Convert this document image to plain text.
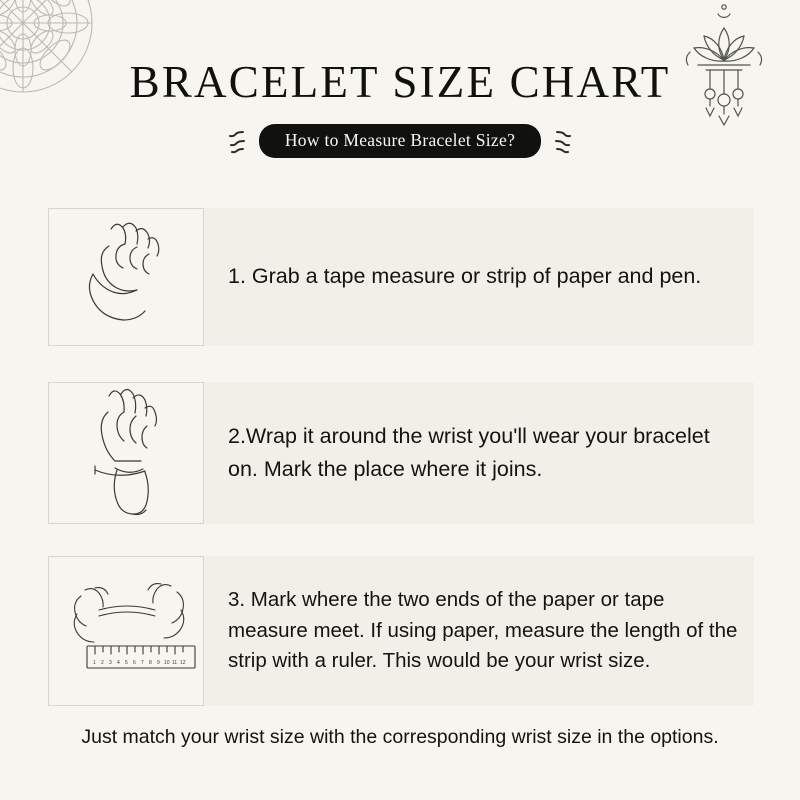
BRACELET SIZE CHART
How to Measure Bracelet Size?
1. Grab a tape measure or strip of paper and pen.
2.Wrap it around the wrist you'll wear your bracelet on. Mark the place where it joins.
1 2 3 4 5 6 7 8 9 10 11 12
3. Mark where the two ends of the paper or tape measure meet. If using paper, measure the length of the strip with a ruler. This would be your wrist size.
Just match your wrist size with the corresponding wrist size in the options.
